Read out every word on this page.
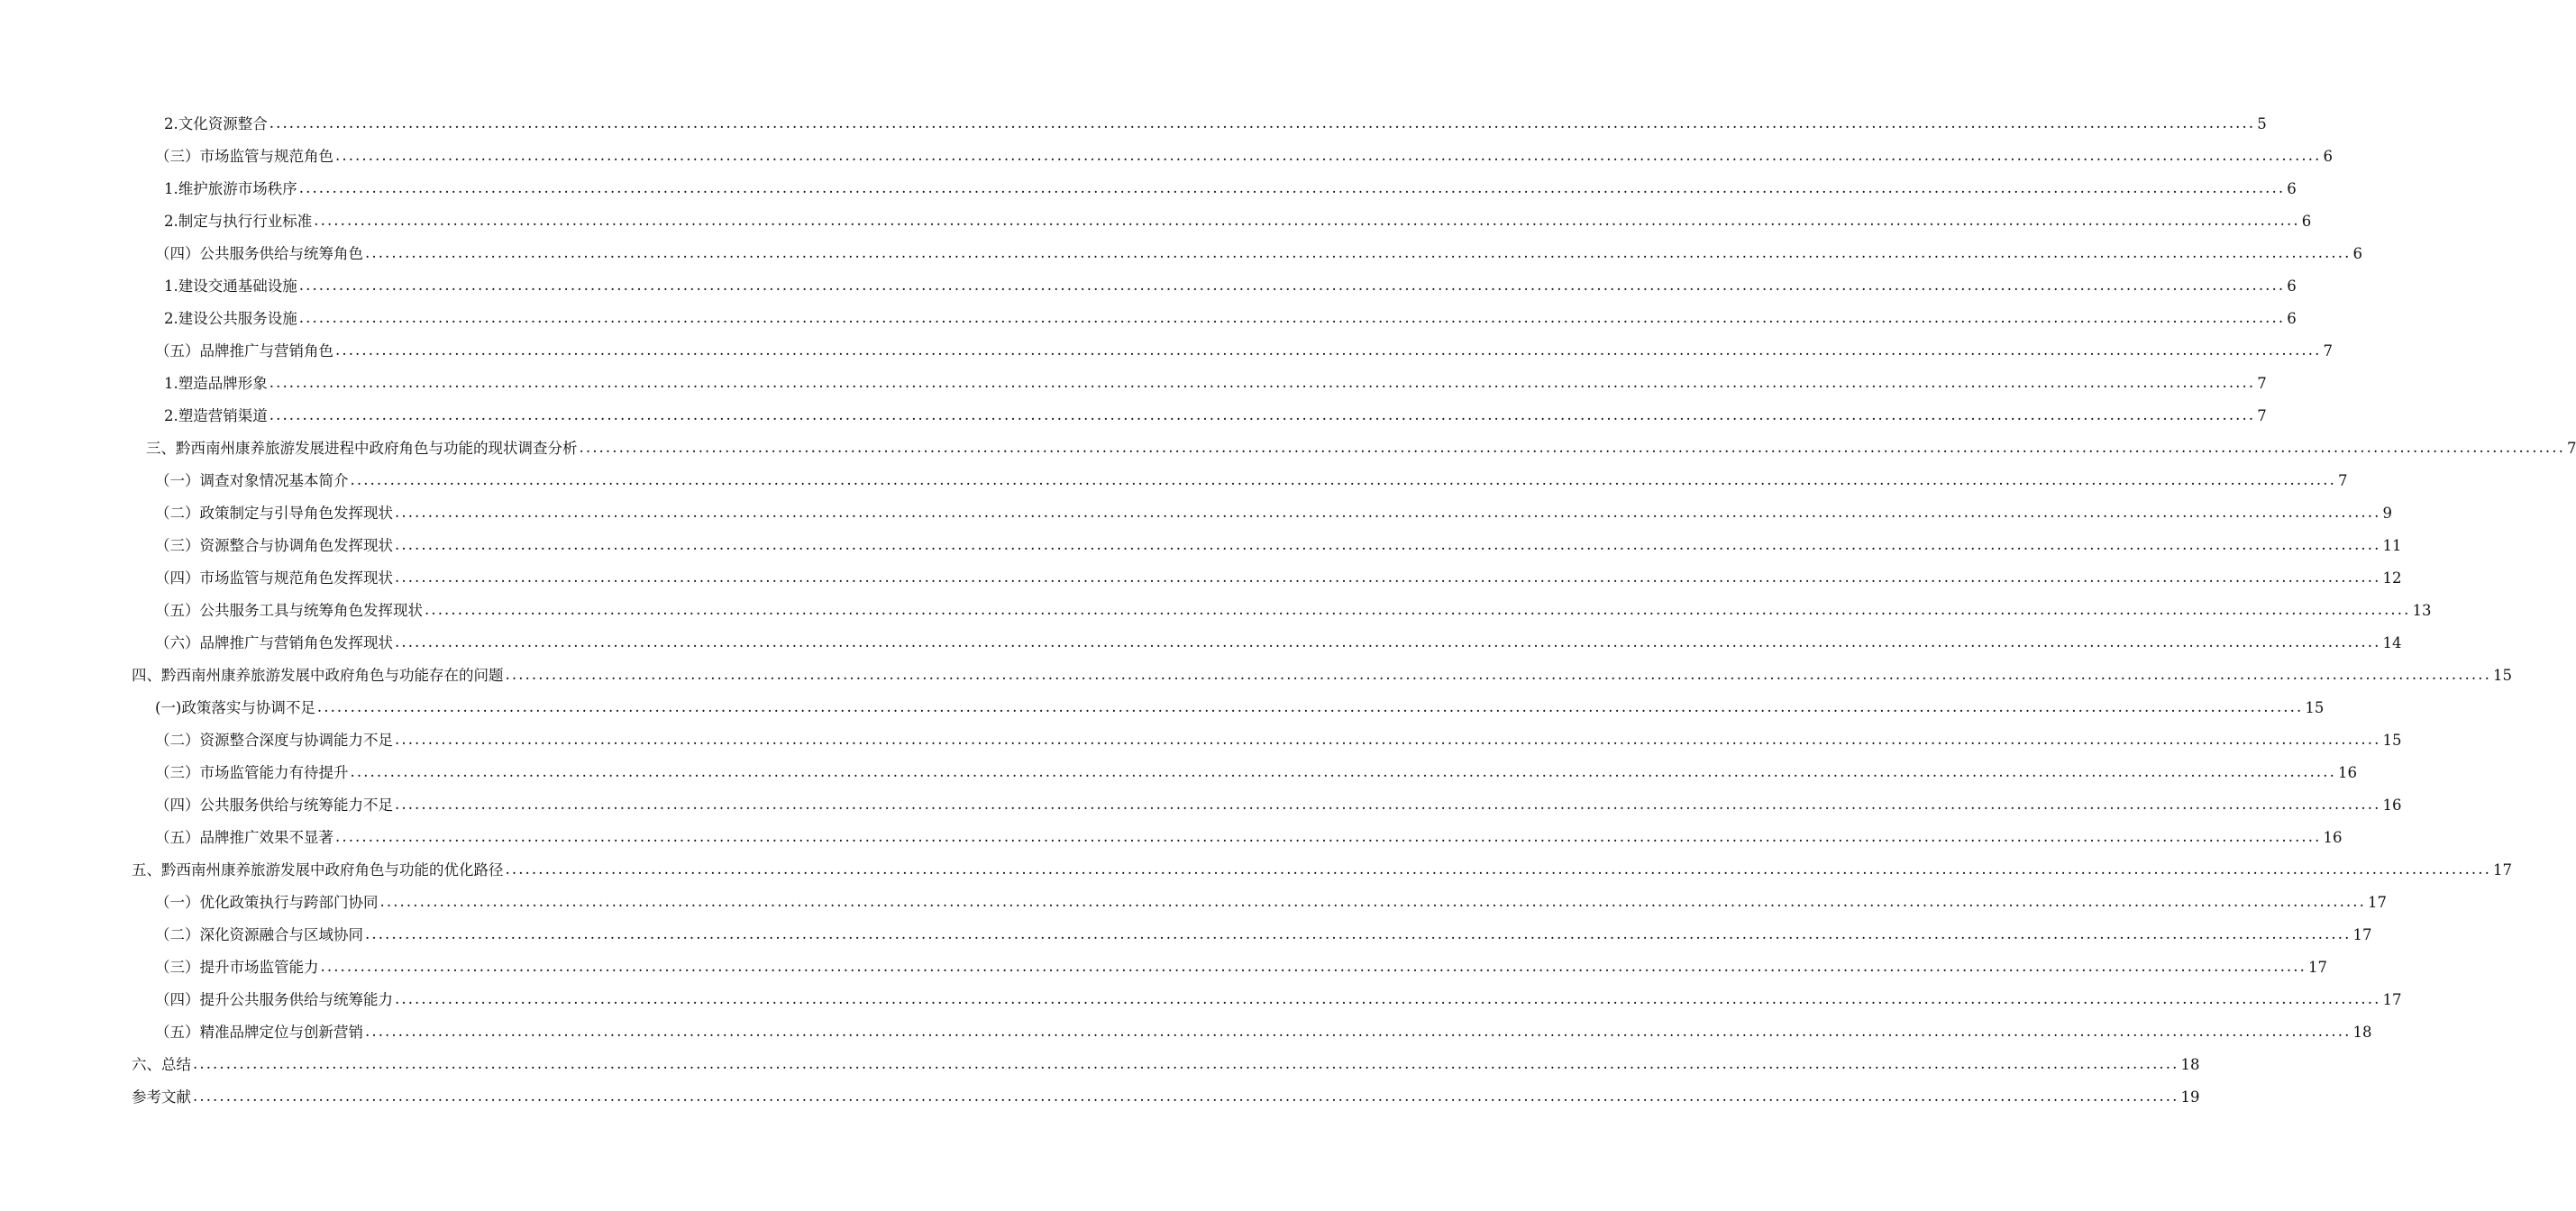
2.文化资源整合 ............................................................................................................................................................................................................................................................................................................ 5
（三）市场监管与规范角色 ............................................................................................................................................................................................................................................................................................................ 6
1.维护旅游市场秩序 ............................................................................................................................................................................................................................................................................................................ 6
2.制定与执行行业标准 ............................................................................................................................................................................................................................................................................................................ 6
（四）公共服务供给与统筹角色 ............................................................................................................................................................................................................................................................................................................ 6
1.建设交通基础设施 ............................................................................................................................................................................................................................................................................................................ 6
2.建设公共服务设施 ............................................................................................................................................................................................................................................................................................................ 6
（五）品牌推广与营销角色 ............................................................................................................................................................................................................................................................................................................ 7
1.塑造品牌形象 ............................................................................................................................................................................................................................................................................................................ 7
2.塑造营销渠道 ............................................................................................................................................................................................................................................................................................................ 7
三、黔西南州康养旅游发展进程中政府角色与功能的现状调查分析 ............................................................................................................................................................................................................................................................................................................ 7
（一）调查对象情况基本简介 ............................................................................................................................................................................................................................................................................................................ 7
（二）政策制定与引导角色发挥现状 ............................................................................................................................................................................................................................................................................................................ 9
（三）资源整合与协调角色发挥现状 ............................................................................................................................................................................................................................................................................................................ 11
（四）市场监管与规范角色发挥现状 ............................................................................................................................................................................................................................................................................................................ 12
（五）公共服务工具与统筹角色发挥现状 ............................................................................................................................................................................................................................................................................................................ 13
（六）品牌推广与营销角色发挥现状 ............................................................................................................................................................................................................................................................................................................ 14
四、黔西南州康养旅游发展中政府角色与功能存在的问题 ............................................................................................................................................................................................................................................................................................................ 15
(一)政策落实与协调不足 ............................................................................................................................................................................................................................................................................................................ 15
（二）资源整合深度与协调能力不足 ............................................................................................................................................................................................................................................................................................................ 15
（三）市场监管能力有待提升 ............................................................................................................................................................................................................................................................................................................ 16
（四）公共服务供给与统筹能力不足 ............................................................................................................................................................................................................................................................................................................ 16
（五）品牌推广效果不显著 ............................................................................................................................................................................................................................................................................................................ 16
五、黔西南州康养旅游发展中政府角色与功能的优化路径 ............................................................................................................................................................................................................................................................................................................ 17
（一）优化政策执行与跨部门协同 ............................................................................................................................................................................................................................................................................................................ 17
（二）深化资源融合与区域协同 ............................................................................................................................................................................................................................................................................................................ 17
（三）提升市场监管能力 ............................................................................................................................................................................................................................................................................................................ 17
（四）提升公共服务供给与统筹能力 ............................................................................................................................................................................................................................................................................................................ 17
（五）精准品牌定位与创新营销 ............................................................................................................................................................................................................................................................................................................ 18
六、总结 ............................................................................................................................................................................................................................................................................................................ 18
参考文献 ............................................................................................................................................................................................................................................................................................................ 19
